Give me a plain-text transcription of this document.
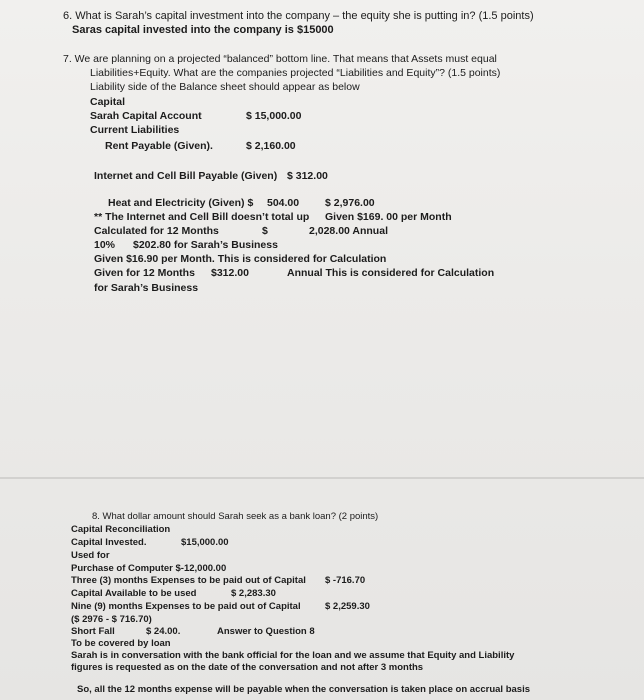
6. What is Sarah’s capital investment into the company – the equity she is putting in? (1.5 points)
Saras capital invested into the company is $15000
7. We are planning on a projected “balanced” bottom line. That means that Assets must equal
Liabilities+Equity. What are the companies projected “Liabilities and Equity”? (1.5 points)
Liability side of the Balance sheet should appear as below
Capital
Sarah Capital Account	$ 15,000.00
Current Liabilities
Rent Payable (Given).	$ 2,160.00
Internet and Cell Bill Payable (Given) $ 312.00
Heat and Electricity (Given) $ 504.00 $ 2,976.00
** The Internet and Cell Bill doesn’t total up Given $169. 00 per Month
Calculated for 12 Months	$	2,028.00 Annual
10% $202.80 for Sarah’s Business
Given $16.90 per Month. This is considered for Calculation
Given for 12 Months $312.00	Annual This is considered for Calculation
for Sarah’s Business
8. What dollar amount should Sarah seek as a bank loan? (2 points)
Capital Reconciliation
Capital Invested.	$15,000.00
Used for
Purchase of Computer $-12,000.00
Three (3) months Expenses to be paid out of Capital $ -716.70
Capital Available to be used	$ 2,283.30
Nine (9) months Expenses to be paid out of Capital	$ 2,259.30
($ 2976 - $ 716.70)
Short Fall	$ 24.00.	Answer to Question 8
To be covered by loan
Sarah is in conversation with the bank official for the loan and we assume that Equity and Liability
figures is requested as on the date of the conversation and not after 3 months
So, all the 12 months expense will be payable when the conversation is taken place on accrual basis
